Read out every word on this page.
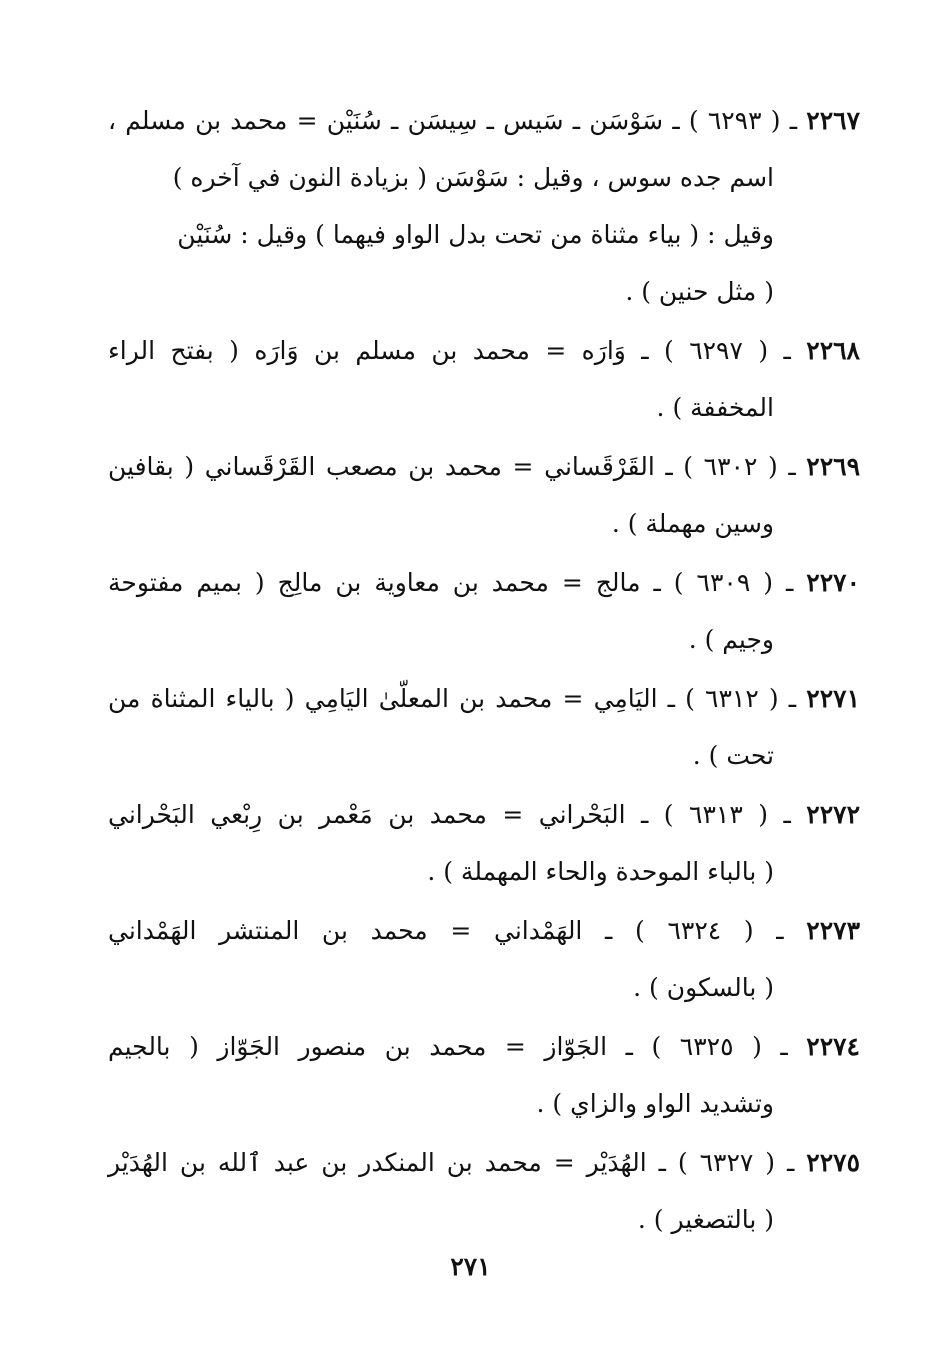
٢٢٦٧ ـ ( ٦٢٩٣ ) ـ سَوْسَن ـ سَيس ـ سِيسَن ـ سُنَيْن = محمد بن مسلم ،
اسم جده سوس ، وقيل : سَوْسَن ( بزيادة النون في آخره )
وقيل : ( بياء مثناة من تحت بدل الواو فيهما ) وقيل : سُنَيْن
( مثل حنين ) .
٢٢٦٨ ـ ( ٦٢٩٧ ) ـ وَارَه = محمد بن مسلم بن وَارَه ( بفتح الراء
المخففة ) .
٢٢٦٩ ـ ( ٦٣٠٢ ) ـ القَرْقَساني = محمد بن مصعب القَرْقَساني ( بقافين
وسين مهملة ) .
٢٢٧٠ ـ ( ٦٣٠٩ ) ـ مالج = محمد بن معاوية بن مالِج ( بميم مفتوحة
وجيم ) .
٢٢٧١ ـ ( ٦٣١٢ ) ـ اليَامِي = محمد بن المعلّىٰ اليَامِي ( بالياء المثناة من
تحت ) .
٢٢٧٢ ـ ( ٦٣١٣ ) ـ البَحْراني = محمد بن مَعْمر بن رِبْعي البَحْراني
( بالباء الموحدة والحاء المهملة ) .
٢٢٧٣ ـ ( ٦٣٢٤ ) ـ الهَمْداني = محمد بن المنتشر الهَمْداني
( بالسكون ) .
٢٢٧٤ ـ ( ٦٣٢٥ ) ـ الجَوّاز = محمد بن منصور الجَوّاز ( بالجيم
وتشديد الواو والزاي ) .
٢٢٧٥ ـ ( ٦٣٢٧ ) ـ الهُدَيْر = محمد بن المنكدر بن عبد ٱلله بن الهُدَيْر
( بالتصغير ) .
٢٧١
